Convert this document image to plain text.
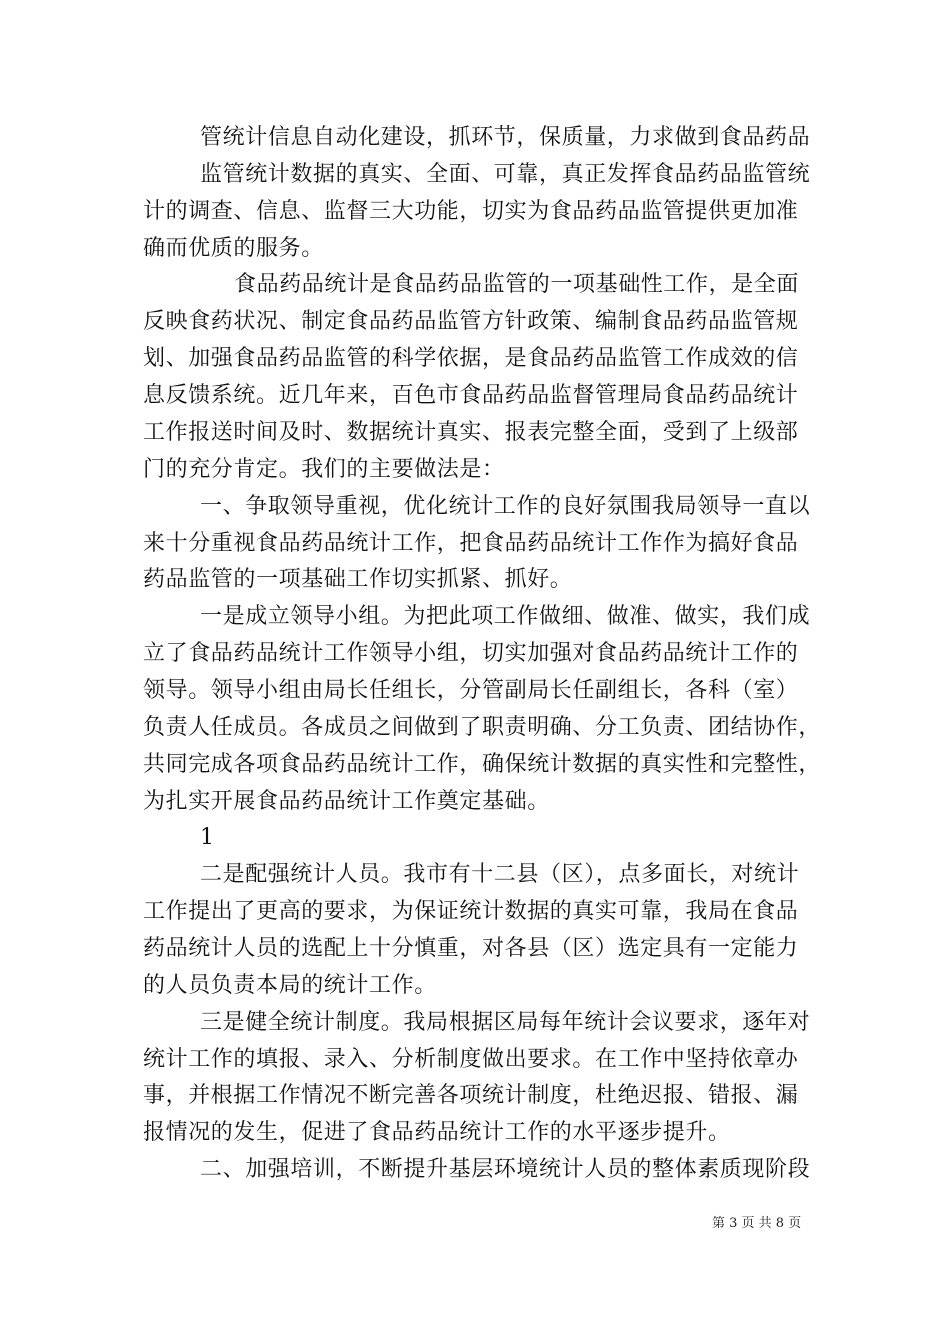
管统计信息自动化建设，抓环节，保质量，力求做到食品药品
监管统计数据的真实、全面、可靠，真正发挥食品药品监管统
计的调查、信息、监督三大功能，切实为食品药品监管提供更加准
确而优质的服务。
食品药品统计是食品药品监管的一项基础性工作，是全面
反映食药状况、制定食品药品监管方针政策、编制食品药品监管规
划、加强食品药品监管的科学依据，是食品药品监管工作成效的信
息反馈系统。近几年来，百色市食品药品监督管理局食品药品统计
工作报送时间及时、数据统计真实、报表完整全面，受到了上级部
门的充分肯定。我们的主要做法是：
一、争取领导重视，优化统计工作的良好氛围我局领导一直以
来十分重视食品药品统计工作，把食品药品统计工作作为搞好食品
药品监管的一项基础工作切实抓紧、抓好。
一是成立领导小组。为把此项工作做细、做准、做实，我们成
立了食品药品统计工作领导小组，切实加强对食品药品统计工作的
领导。领导小组由局长任组长，分管副局长任副组长，各科（室）
负责人任成员。各成员之间做到了职责明确、分工负责、团结协作，
共同完成各项食品药品统计工作，确保统计数据的真实性和完整性，
为扎实开展食品药品统计工作奠定基础。
1
二是配强统计人员。我市有十二县（区），点多面长，对统计
工作提出了更高的要求，为保证统计数据的真实可靠，我局在食品
药品统计人员的选配上十分慎重，对各县（区）选定具有一定能力
的人员负责本局的统计工作。
三是健全统计制度。我局根据区局每年统计会议要求，逐年对
统计工作的填报、录入、分析制度做出要求。在工作中坚持依章办
事，并根据工作情况不断完善各项统计制度，杜绝迟报、错报、漏
报情况的发生，促进了食品药品统计工作的水平逐步提升。
二、加强培训，不断提升基层环境统计人员的整体素质现阶段
第 3 页 共 8 页
